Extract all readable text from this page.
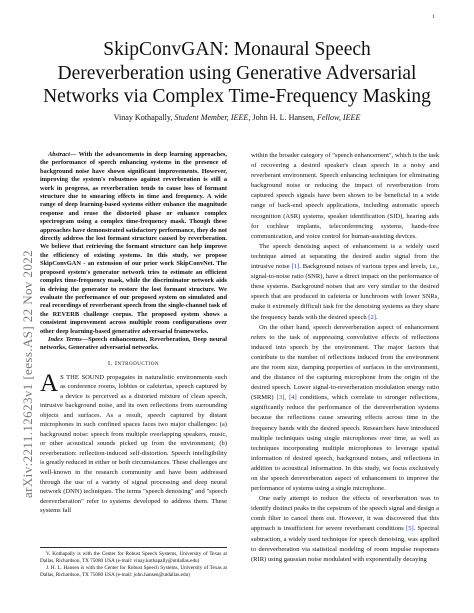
1
arXiv:2211.12623v1 [eess.AS] 22 Nov 2022
SkipConvGAN: Monaural Speech Dereverberation using Generative Adversarial Networks via Complex Time-Frequency Masking
Vinay Kothapally, Student Member, IEEE, John H. L. Hansen, Fellow, IEEE

Abstract— With the advancements in deep learning approaches, the performance of speech enhancing systems in the presence of background noise have shown significant improvements. However, improving the system's robustness against reverberation is still a work in progress, as reverberation tends to cause loss of formant structure due to smearing effects in time and frequency. A wide range of deep learning-based systems either enhance the magnitude response and reuse the distorted phase or enhance complex spectrogram using a complex time-frequency mask. Though these approaches have demonstrated satisfactory performance, they do not directly address the lost formant structure caused by reverberation. We believe that retrieving the formant structure can help improve the efficiency of existing systems. In this study, we propose SkipConvGAN - an extension of our prior work SkipConvNet. The proposed system's generator network tries to estimate an efficient complex time-frequency mask, while the discriminator network aids in driving the generator to restore the lost formant structure. We evaluate the performance of our proposed system on simulated and real recordings of reverberant speech from the single-channel task of the REVERB challenge corpus. The proposed system shows a consistent improvement across multiple room configurations over other deep learning-based generative adversarial frameworks.

Index Terms—Speech enhancement, Reverberation, Deep neural networks, Generative adversarial networks.

I. Introduction

A S THE SOUND propagates in naturalistic environments such as conference rooms, lobbies or cafeterias, speech captured by a device is perceived as a distorted mixture of clean speech, intrusive background noise, and its own reflections from surrounding objects and surfaces. As a result, speech captured by distant microphones in such confined spaces faces two major challenges: (a) background noise: speech from multiple overlapping speakers, music, or other acoustical sounds picked up from the environment; (b) reverberation: reflection-induced self-distortion. Speech intelligibility is greatly reduced in either or both circumstances. These challenges are well-known in the research community and have been addressed through the use of a variety of signal processing and deep neural network (DNN) techniques. The terms "speech denoising" and "speech dereverberation" refer to systems developed to address them. These systems fall

V. Kothapally is with the Center for Robust Speech Systems, University of Texas at Dallas, Richardson, TX 75080 USA (e-mail: vinay.kothapally@utdallas.edu)

J. H. L. Hansen is with the Center for Robust Speech Systems, University of Texas at Dallas, Richardson, TX 75080 USA (e-mail: john.hansen@utdallas.edu)

within the broader category of "speech enhancement", which is the task of recovering a desired speaker's clean speech in a noisy and reverberant environment. Speech enhancing techniques for eliminating background noise or reducing the impact of reverberation from captured speech signals have been shown to be beneficial in a wide range of back-end speech applications, including automatic speech recognition (ASR) systems, speaker identification (SID), hearing aids for cochlear implants, teleconferencing systems, hands-free communication, and voice control for human-assisting devices.

The speech denoising aspect of enhancement is a widely used technique aimed at separating the desired audio signal from the intrusive noise [1]. Background noises of various types and levels, i.e., signal-to-noise ratio (SNR), have a direct impact on the performance of these systems. Background noises that are very similar to the desired speech that are produced in cafeteria or lunchroom with lower SNRs, make it extremely difficult task for the denoising systems as they share the frequency bands with the desired speech [2].

On the other hand, speech dereverberation aspect of enhancement refers to the task of suppressing convolutive effects of reflections induced into speech by the environment. The major factors that contribute to the number of reflections induced from the environment are the room size, damping properties of surfaces in the environment, and the distance of the capturing microphone from the origin of the desired speech. Lower signal-to-reverberation modulation energy ratio (SRMR) [3], [4] conditions, which correlate to stronger reflections, significantly reduce the performance of the dereverberation systems because the reflections cause smearing effects across time in the frequency bands with the desired speech. Researchers have introduced multiple techniques using single microphones over time, as well as techniques incorporating multiple microphones to leverage spatial information of desired speech, background noises, and reflections in addition to acoustical information. In this study, we focus exclusively on the speech dereverberation aspect of enhancement to improve the performance of systems using a single microphone.

One early attempt to reduce the effects of reverberation was to identify distinct peaks in the cepstrum of the speech signal and design a comb filter to cancel them out. However, it was discovered that this approach is insufficient for severe reverberant conditions [5]. Spectral subtraction, a widely used technique for speech denoising, was applied to dereverberation via statistical modeling of room impulse responses (RIR) using gaussian noise modulated with exponentially decaying
